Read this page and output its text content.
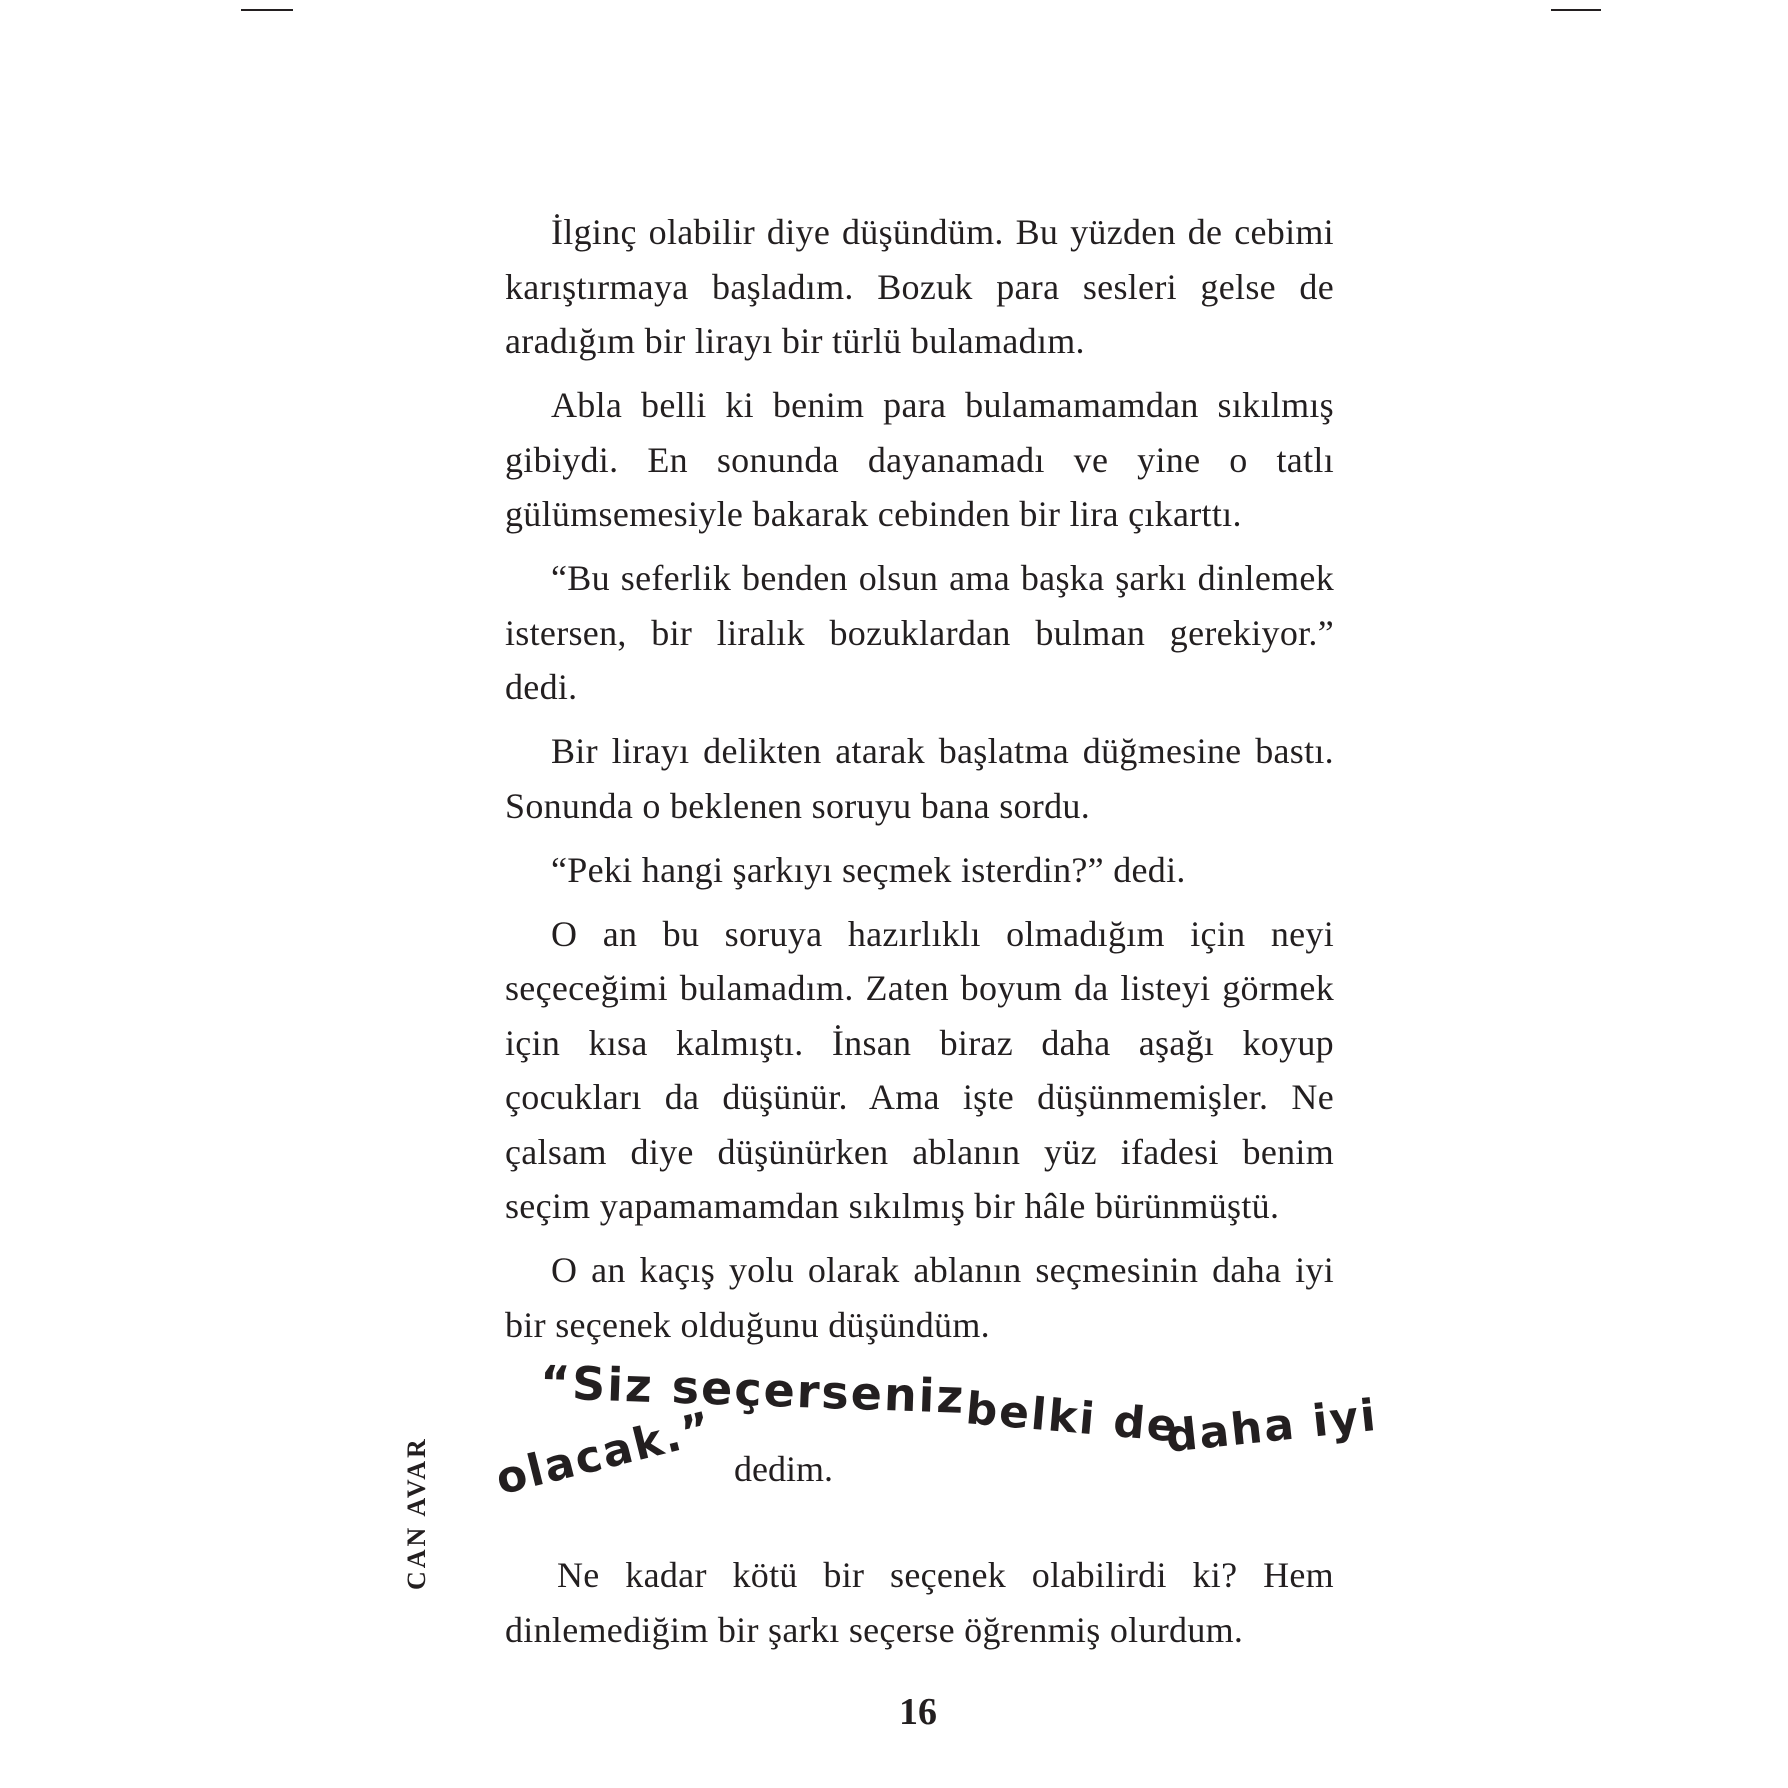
İlginç olabilir diye düşündüm. Bu yüzden de cebimi karıştırmaya başladım. Bozuk para sesleri gelse de aradığım bir lirayı bir türlü bulamadım.

Abla belli ki benim para bulamamamdan sıkılmış gibiydi. En sonunda dayanamadı ve yine o tatlı gülümsemesiyle bakarak cebinden bir lira çıkarttı.

“Bu seferlik benden olsun ama başka şarkı dinlemek istersen, bir liralık bozuklardan bulman gerekiyor.” dedi.

Bir lirayı delikten atarak başlatma düğmesine bastı. Sonunda o beklenen soruyu bana sordu.

“Peki hangi şarkıyı seçmek isterdin?” dedi.

O an bu soruya hazırlıklı olmadığım için neyi seçeceğimi bulamadım. Zaten boyum da listeyi görmek için kısa kalmıştı. İnsan biraz daha aşağı koyup çocukları da düşünür. Ama işte düşünmemişler. Ne çalsam diye düşünürken ablanın yüz ifadesi benim seçim yapamamamdan sıkılmış bir hâle bürünmüştü.

O an kaçış yolu olarak ablanın seçmesinin daha iyi bir seçenek olduğunu düşündüm.

“Siz seçerseniz
belki de
daha iyi
olacak.” dedim.

Ne kadar kötü bir seçenek olabilirdi ki? Hem dinlemediğim bir şarkı seçerse öğrenmiş olurdum.

CAN AVAR
16
